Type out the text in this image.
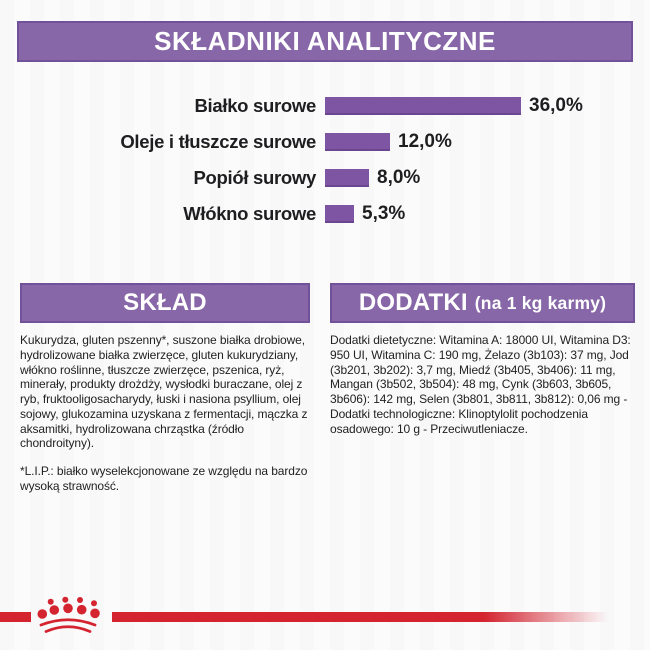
SKŁADNIKI ANALITYCZNE
Białko surowe	36,0%
Oleje i tłuszcze surowe	12,0%
Popiół surowy	8,0%
Włókno surowe 5,3%
SKŁAD
Kukurydza, gluten pszenny*, suszone białka drobiowe, hydrolizowane białka zwierzęce, gluten kukurydziany, włókno roślinne, tłuszcze zwierzęce, pszenica, ryż, minerały, produkty drożdży, wysłodki buraczane, olej z ryb, fruktooligosacharydy, łuski i nasiona psyllium, olej sojowy, glukozamina uzyskana z fermentacji, mączka z aksamitki, hydrolizowana chrząstka (źródło chondroityny).
*L.I.P.: białko wyselekcjonowane ze względu na bardzo wysoką strawność.
DODATKI (na 1 kg karmy)
Dodatki dietetyczne: Witamina A: 18000 UI, Witamina D3: 950 UI, Witamina C: 190 mg, Żelazo (3b103): 37 mg, Jod (3b201, 3b202): 3,7 mg, Miedź (3b405, 3b406): 11 mg, Mangan (3b502, 3b504): 48 mg, Cynk (3b603, 3b605, 3b606): 142 mg, Selen (3b801, 3b811, 3b812): 0,06 mg - Dodatki technologiczne: Klinoptylolit pochodzenia osadowego: 10 g - Przeciwutleniacze.
